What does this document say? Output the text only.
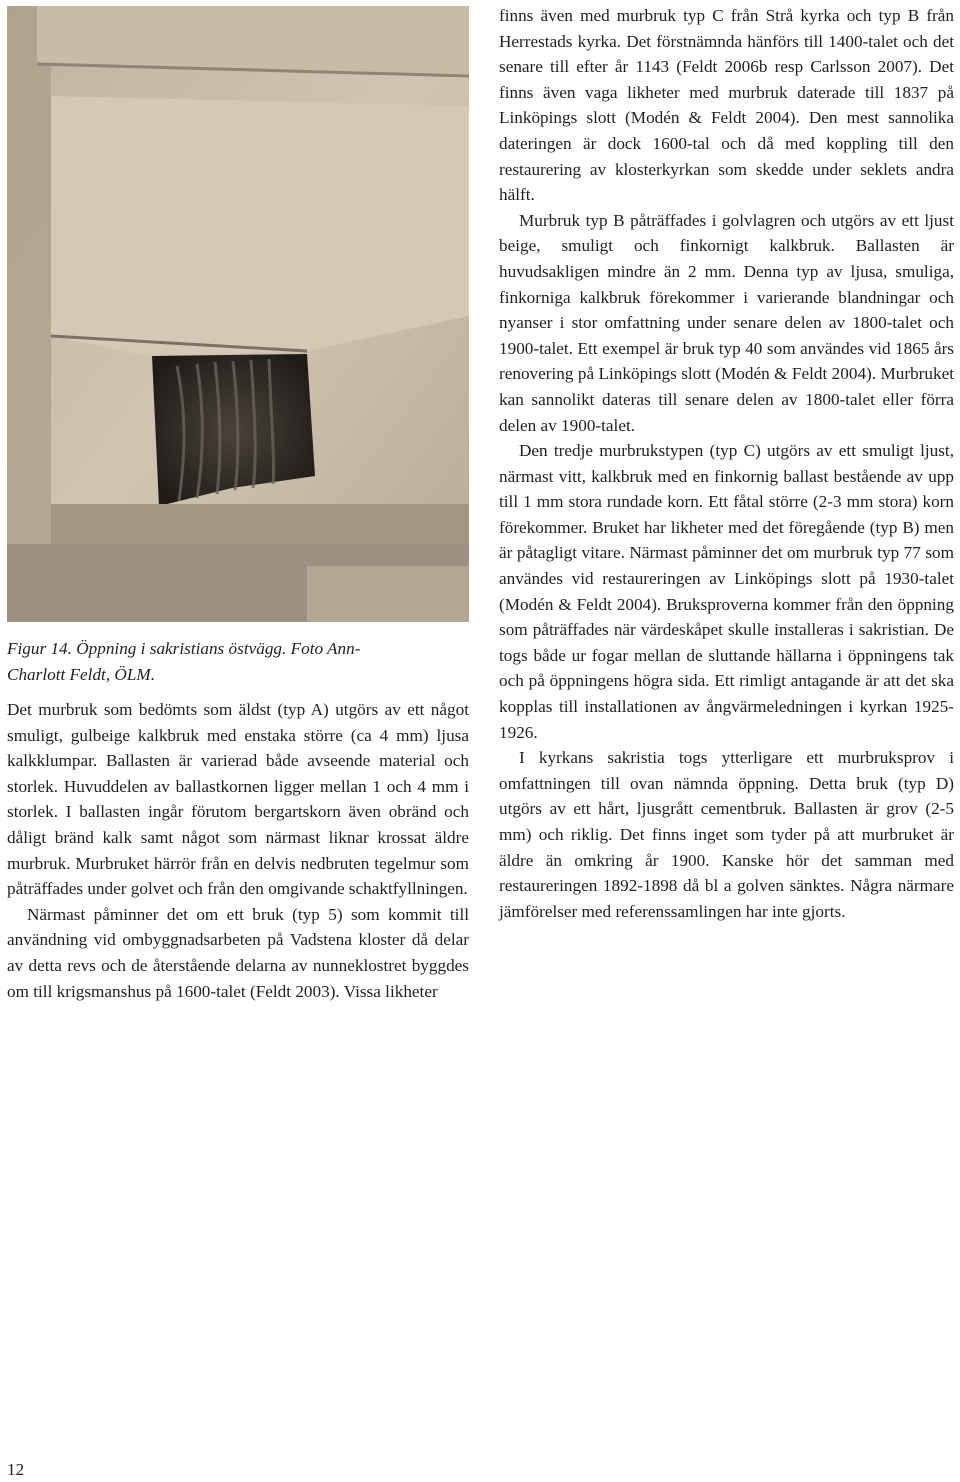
Figur 14. Öppning i sakristians östvägg. Foto Ann-
Charlott Feldt, ÖLM.

Det murbruk som bedömts som äldst (typ A) utgörs av ett något smuligt, gulbeige kalkbruk med enstaka större (ca 4 mm) ljusa kalkklumpar. Ballasten är varierad både avseende material och storlek. Huvuddelen av ballastkornen ligger mellan 1 och 4 mm i storlek. I ballasten ingår förutom bergartskorn även obränd och dåligt bränd kalk samt något som närmast liknar krossat äldre murbruk. Murbruket härrör från en delvis nedbruten tegelmur som påträffades under golvet och från den omgivande schaktfyllningen.

Närmast påminner det om ett bruk (typ 5) som kommit till användning vid ombyggnadsarbeten på Vadstena kloster då delar av detta revs och de återstående delarna av nunneklostret byggdes om till krigsmanshus på 1600-talet (Feldt 2003). Vissa likheter

finns även med murbruk typ C från Strå kyrka och typ B från Herrestads kyrka. Det förstnämnda hänförs till 1400-talet och det senare till efter år 1143 (Feldt 2006b resp Carlsson 2007). Det finns även vaga likheter med murbruk daterade till 1837 på Linköpings slott (Modén & Feldt 2004). Den mest sannolika dateringen är dock 1600-tal och då med koppling till den restaurering av klosterkyrkan som skedde under seklets andra hälft.

Murbruk typ B påträffades i golvlagren och utgörs av ett ljust beige, smuligt och finkornigt kalkbruk. Ballasten är huvudsakligen mindre än 2 mm. Denna typ av ljusa, smuliga, finkorniga kalkbruk förekommer i varierande blandningar och nyanser i stor omfattning under senare delen av 1800-talet och 1900-talet. Ett exempel är bruk typ 40 som användes vid 1865 års renovering på Linköpings slott (Modén & Feldt 2004). Murbruket kan sannolikt dateras till senare delen av 1800-talet eller förra delen av 1900-talet.

Den tredje murbrukstypen (typ C) utgörs av ett smuligt ljust, närmast vitt, kalkbruk med en finkornig ballast bestående av upp till 1 mm stora rundade korn. Ett fåtal större (2-3 mm stora) korn förekommer. Bruket har likheter med det föregående (typ B) men är påtagligt vitare. Närmast påminner det om murbruk typ 77 som användes vid restaureringen av Linköpings slott på 1930-talet (Modén & Feldt 2004). Bruksproverna kommer från den öppning som påträffades när värdeskåpet skulle installeras i sakristian. De togs både ur fogar mellan de sluttande hällarna i öppningens tak och på öppningens högra sida. Ett rimligt antagande är att det ska kopplas till installationen av ångvärmeledningen i kyrkan 1925-1926.

I kyrkans sakristia togs ytterligare ett murbruksprov i omfattningen till ovan nämnda öppning. Detta bruk (typ D) utgörs av ett hårt, ljusgrått cementbruk. Ballasten är grov (2-5 mm) och riklig. Det finns inget som tyder på att murbruket är äldre än omkring år 1900. Kanske hör det samman med restaureringen 1892-1898 då bl a golven sänktes. Några närmare jämförelser med referenssamlingen har inte gjorts.

12
